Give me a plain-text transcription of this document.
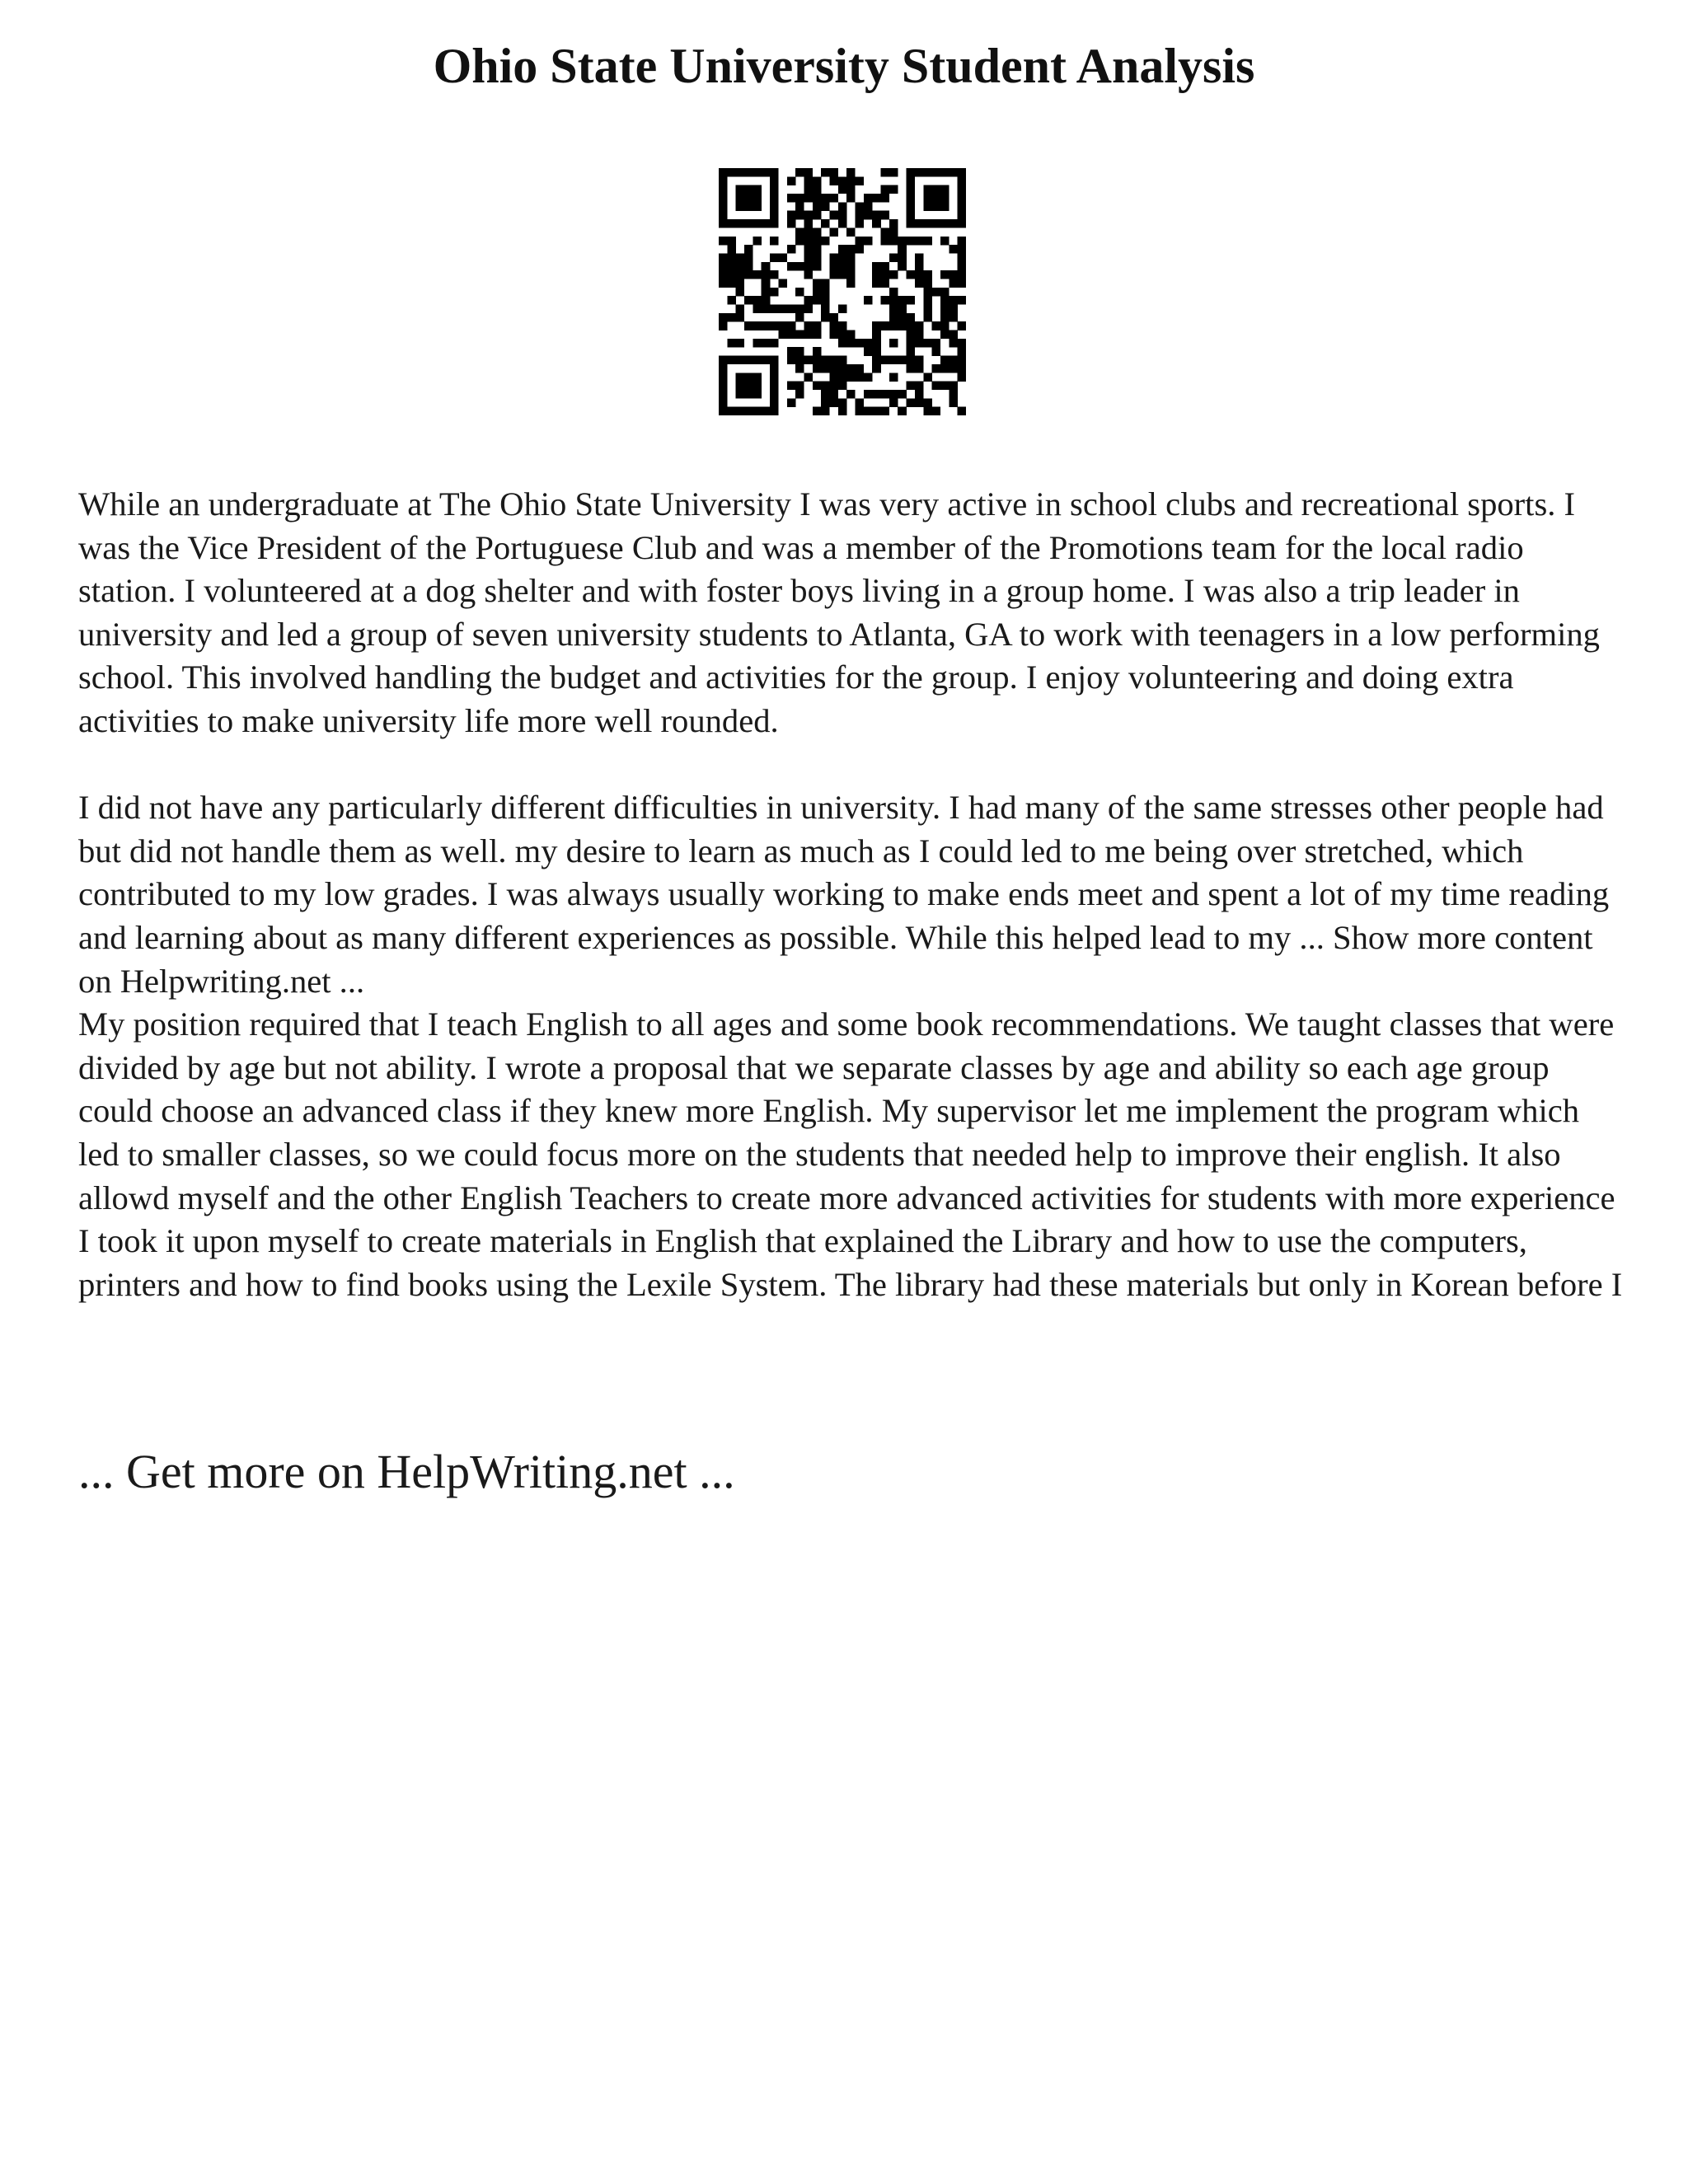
Ohio State University Student Analysis

While an undergraduate at The Ohio State University I was very active in school clubs and recreational sports. I was the Vice President of the Portuguese Club and was a member of the Promotions team for the local radio station. I volunteered at a dog shelter and with foster boys living in a group home. I was also a trip leader in university and led a group of seven university students to Atlanta, GA to work with teenagers in a low performing school. This involved handling the budget and activities for the group. I enjoy volunteering and doing extra activities to make university life more well rounded.

I did not have any particularly different difficulties in university. I had many of the same stresses other people had but did not handle them as well. my desire to learn as much as I could led to me being over stretched, which contributed to my low grades. I was always usually working to make ends meet and spent a lot of my time reading and learning about as many different experiences as possible. While this helped lead to my ... Show more content on Helpwriting.net ...

My position required that I teach English to all ages and some book recommendations. We taught classes that were divided by age but not ability. I wrote a proposal that we separate classes by age and ability so each age group could choose an advanced class if they knew more English. My supervisor let me implement the program which led to smaller classes, so we could focus more on the students that needed help to improve their english. It also allowd myself and the other English Teachers to create more advanced activities for students with more experience I took it upon myself to create materials in English that explained the Library and how to use the computers, printers and how to find books using the Lexile System. The library had these materials but only in Korean before I

... Get more on HelpWriting.net ...
